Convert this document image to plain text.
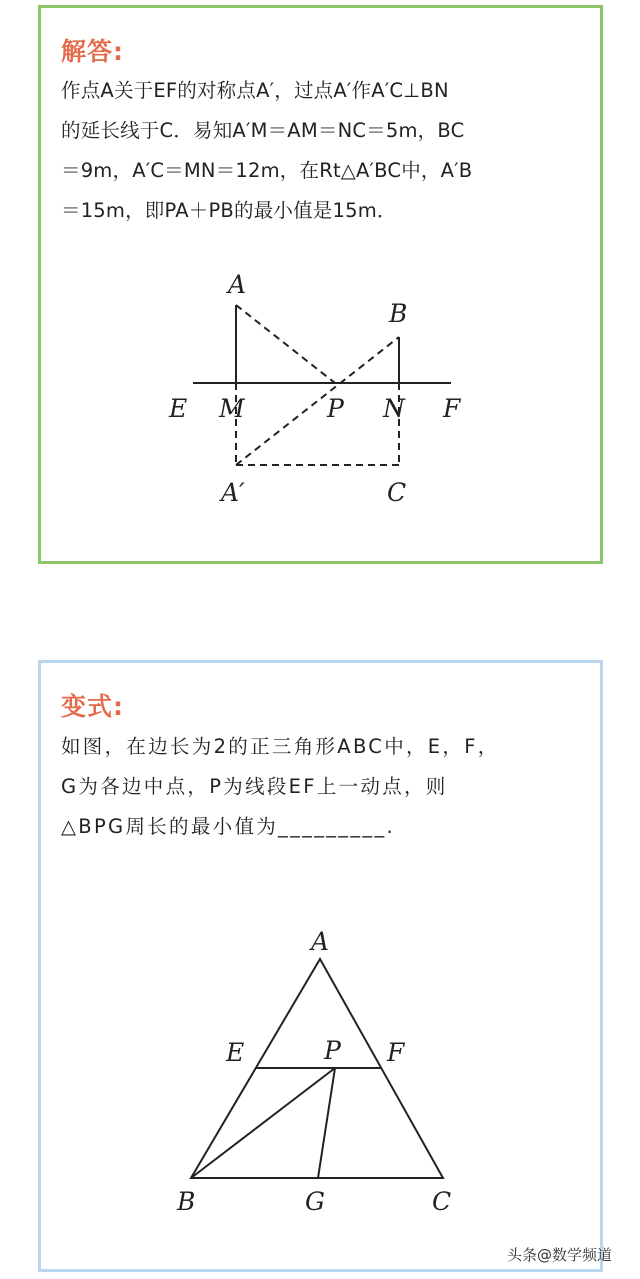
解答:
作点A关于EF的对称点A′，过点A′作A′C⊥BN
的延长线于C．易知A′M＝AM＝NC＝5m，BC
＝9m，A′C＝MN＝12m，在Rt△A′BC中，A′B
＝15m，即PA＋PB的最小值是15m．
A
B
E M	P N F
A′	C
变式:
如图，在边长为2的正三角形ABC中，E，F，
G为各边中点，P为线段EF上一动点，则
△BPG周长的最小值为_________.
A
E	P F
B	G	C
头条@数学频道
